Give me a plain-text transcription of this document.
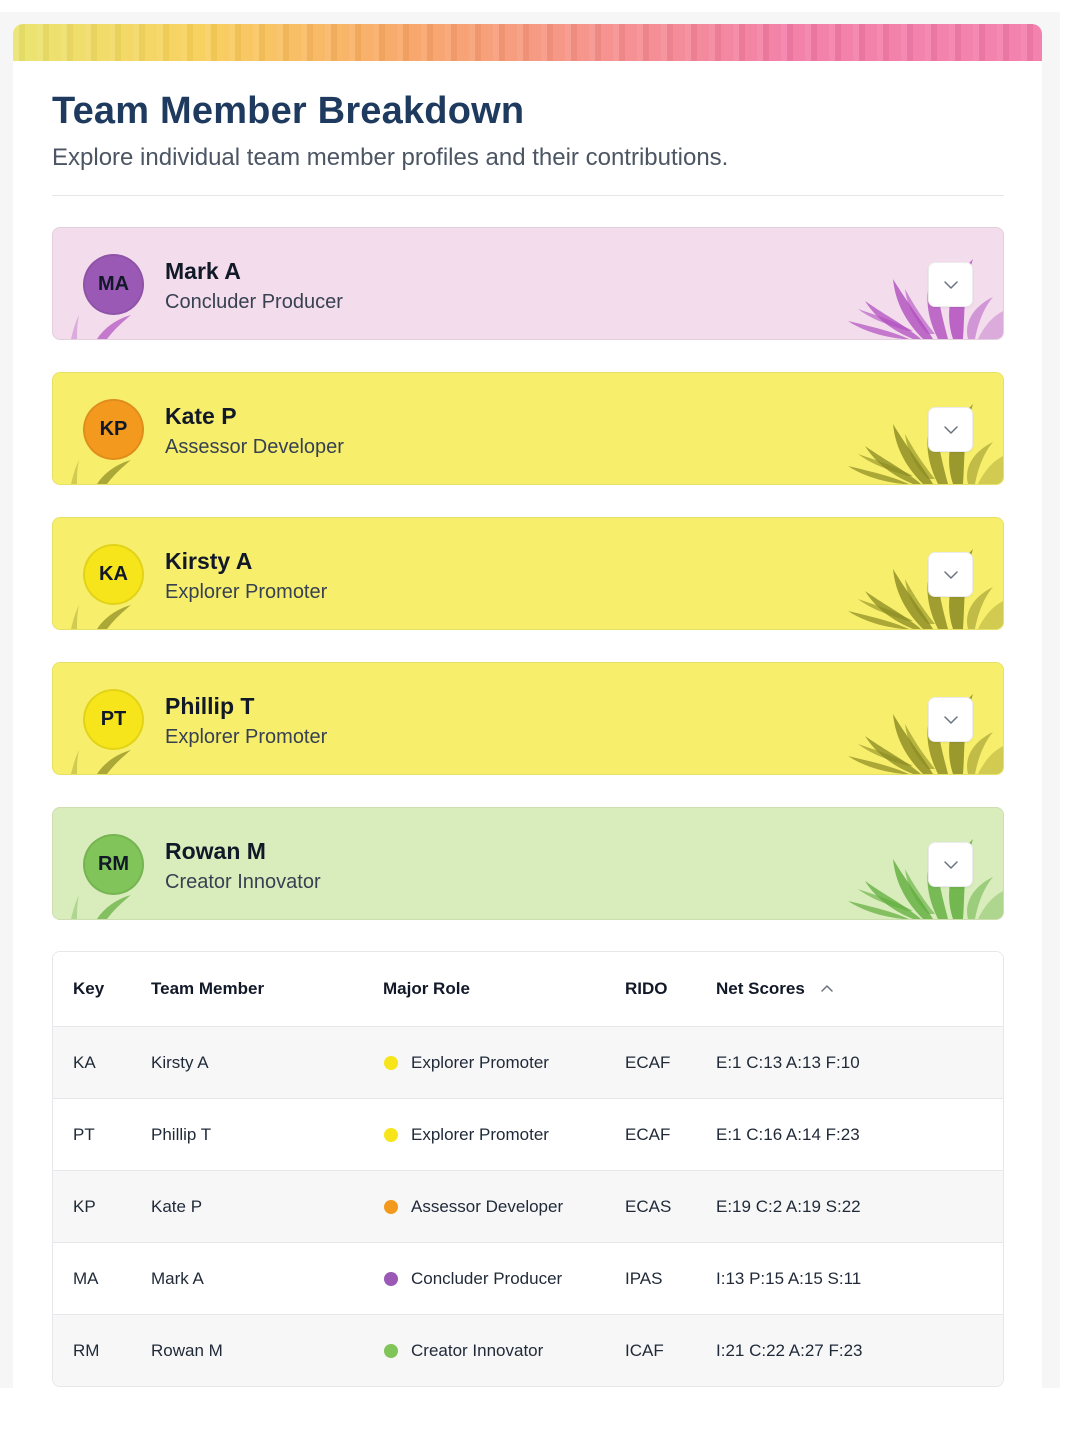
Team Member Breakdown

Explore individual team member profiles and their contributions.

MA Mark A
Concluder Producer
KP Kate P
Assessor Developer
KA Kirsty A
Explorer Promoter
PT Phillip T
Explorer Promoter
RM Rowan M
Creator Innovator
Key	Team Member	Major Role	RIDO	Net Scores
KA	Kirsty A	Explorer Promoter	ECAF	E:1 C:13 A:13 F:10
PT	Phillip T	Explorer Promoter	ECAF	E:1 C:16 A:14 F:23
KP	Kate P	Assessor Developer	ECAS	E:19 C:2 A:19 S:22
MA	Mark A	Concluder Producer	IPAS	I:13 P:15 A:15 S:11
RM	Rowan M	Creator Innovator	ICAF	I:21 C:22 A:27 F:23
